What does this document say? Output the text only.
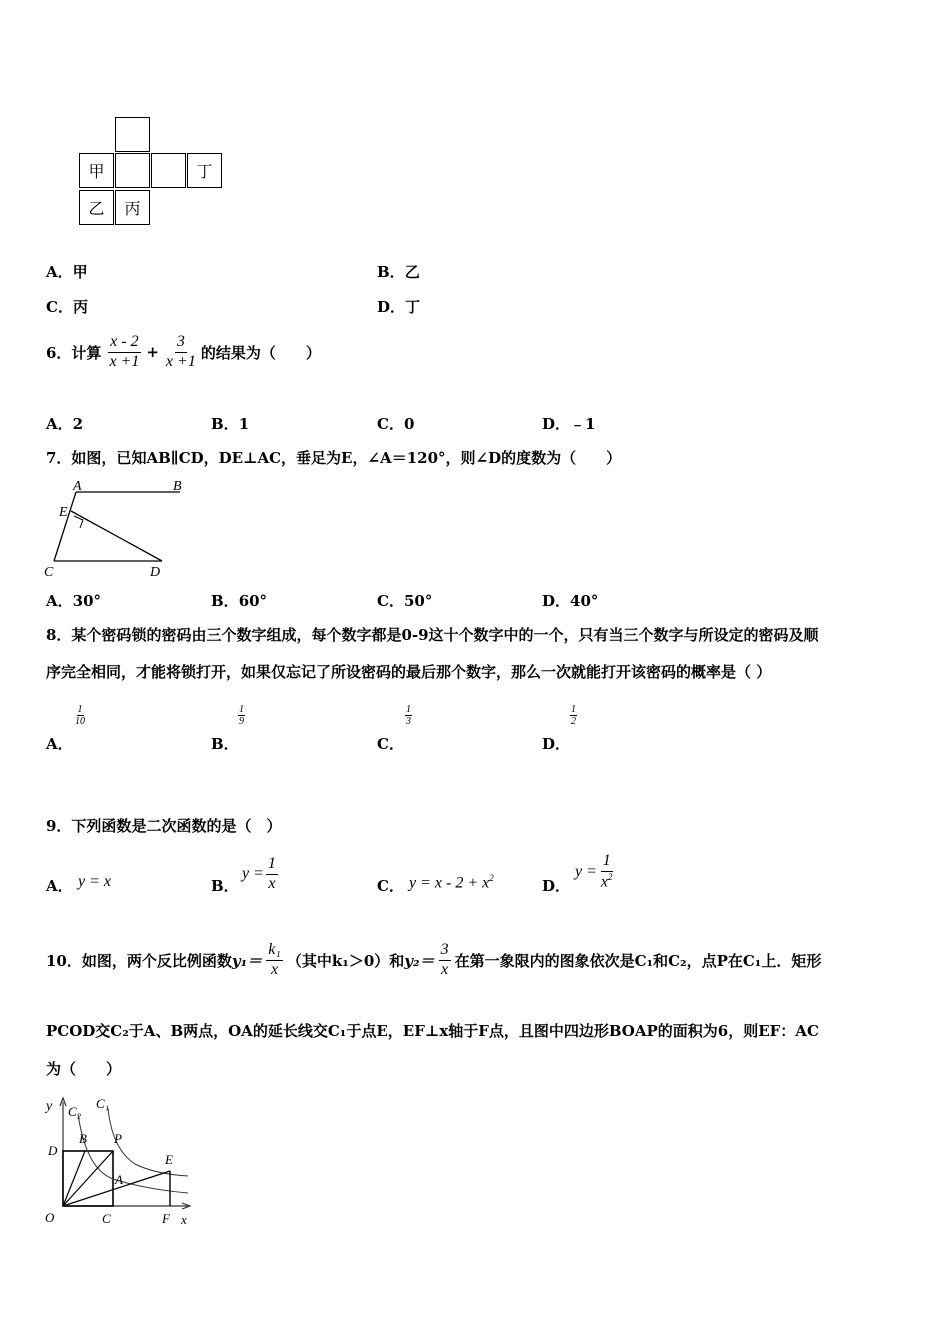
甲	丁
乙	丙
A．甲	B．乙
C．丙	D．丁
6．计算 $\frac{x - 2}{x +1} + \frac{3}{x +1}$ 的结果为（　　）
A．2	B．1	C．0	D．﹣1
7．如图，已知AB∥CD，DE⊥AC，垂足为E，∠A＝120°，则∠D的度数为（　　）
A	B
E
C	D
A．30°	B．60°	C．50°	D．40°
8．某个密码锁的密码由三个数字组成，每个数字都是0-9这十个数字中的一个，只有当三个数字与所设定的密码及顺
序完全相同，才能将锁打开，如果仅忘记了所设密码的最后那个数字，那么一次就能打开该密码的概率是（ ）
A．
$\frac{1}{10}$
B．
$\frac{1}{9}$
C．
$\frac{1}{3}$
D．
$\frac{1}{2}$
9．下列函数是二次函数的是（　）
A． y = x	B．
$y = \frac{1}{x}$	C． $y = x - 2 + x^2$	D．
$y = \frac{1}{x^2}$
10．如图，两个反比例函数 $y_1= \frac{\text{k₁}}{x}$ （其中k₁＞0）和 $y_2= \frac{3}{x}$ 在第一象限内的图象依次是C₁和C₂，点P在C₁上．矩形
PCOD交C₂于A、B两点，OA的延长线交C₁于点E，EF⊥x轴于F点，且图中四边形BOAP的面积为6，则EF：AC
为（　　）
y C₂
C₁
D
B P
E
A
O	C	F x
